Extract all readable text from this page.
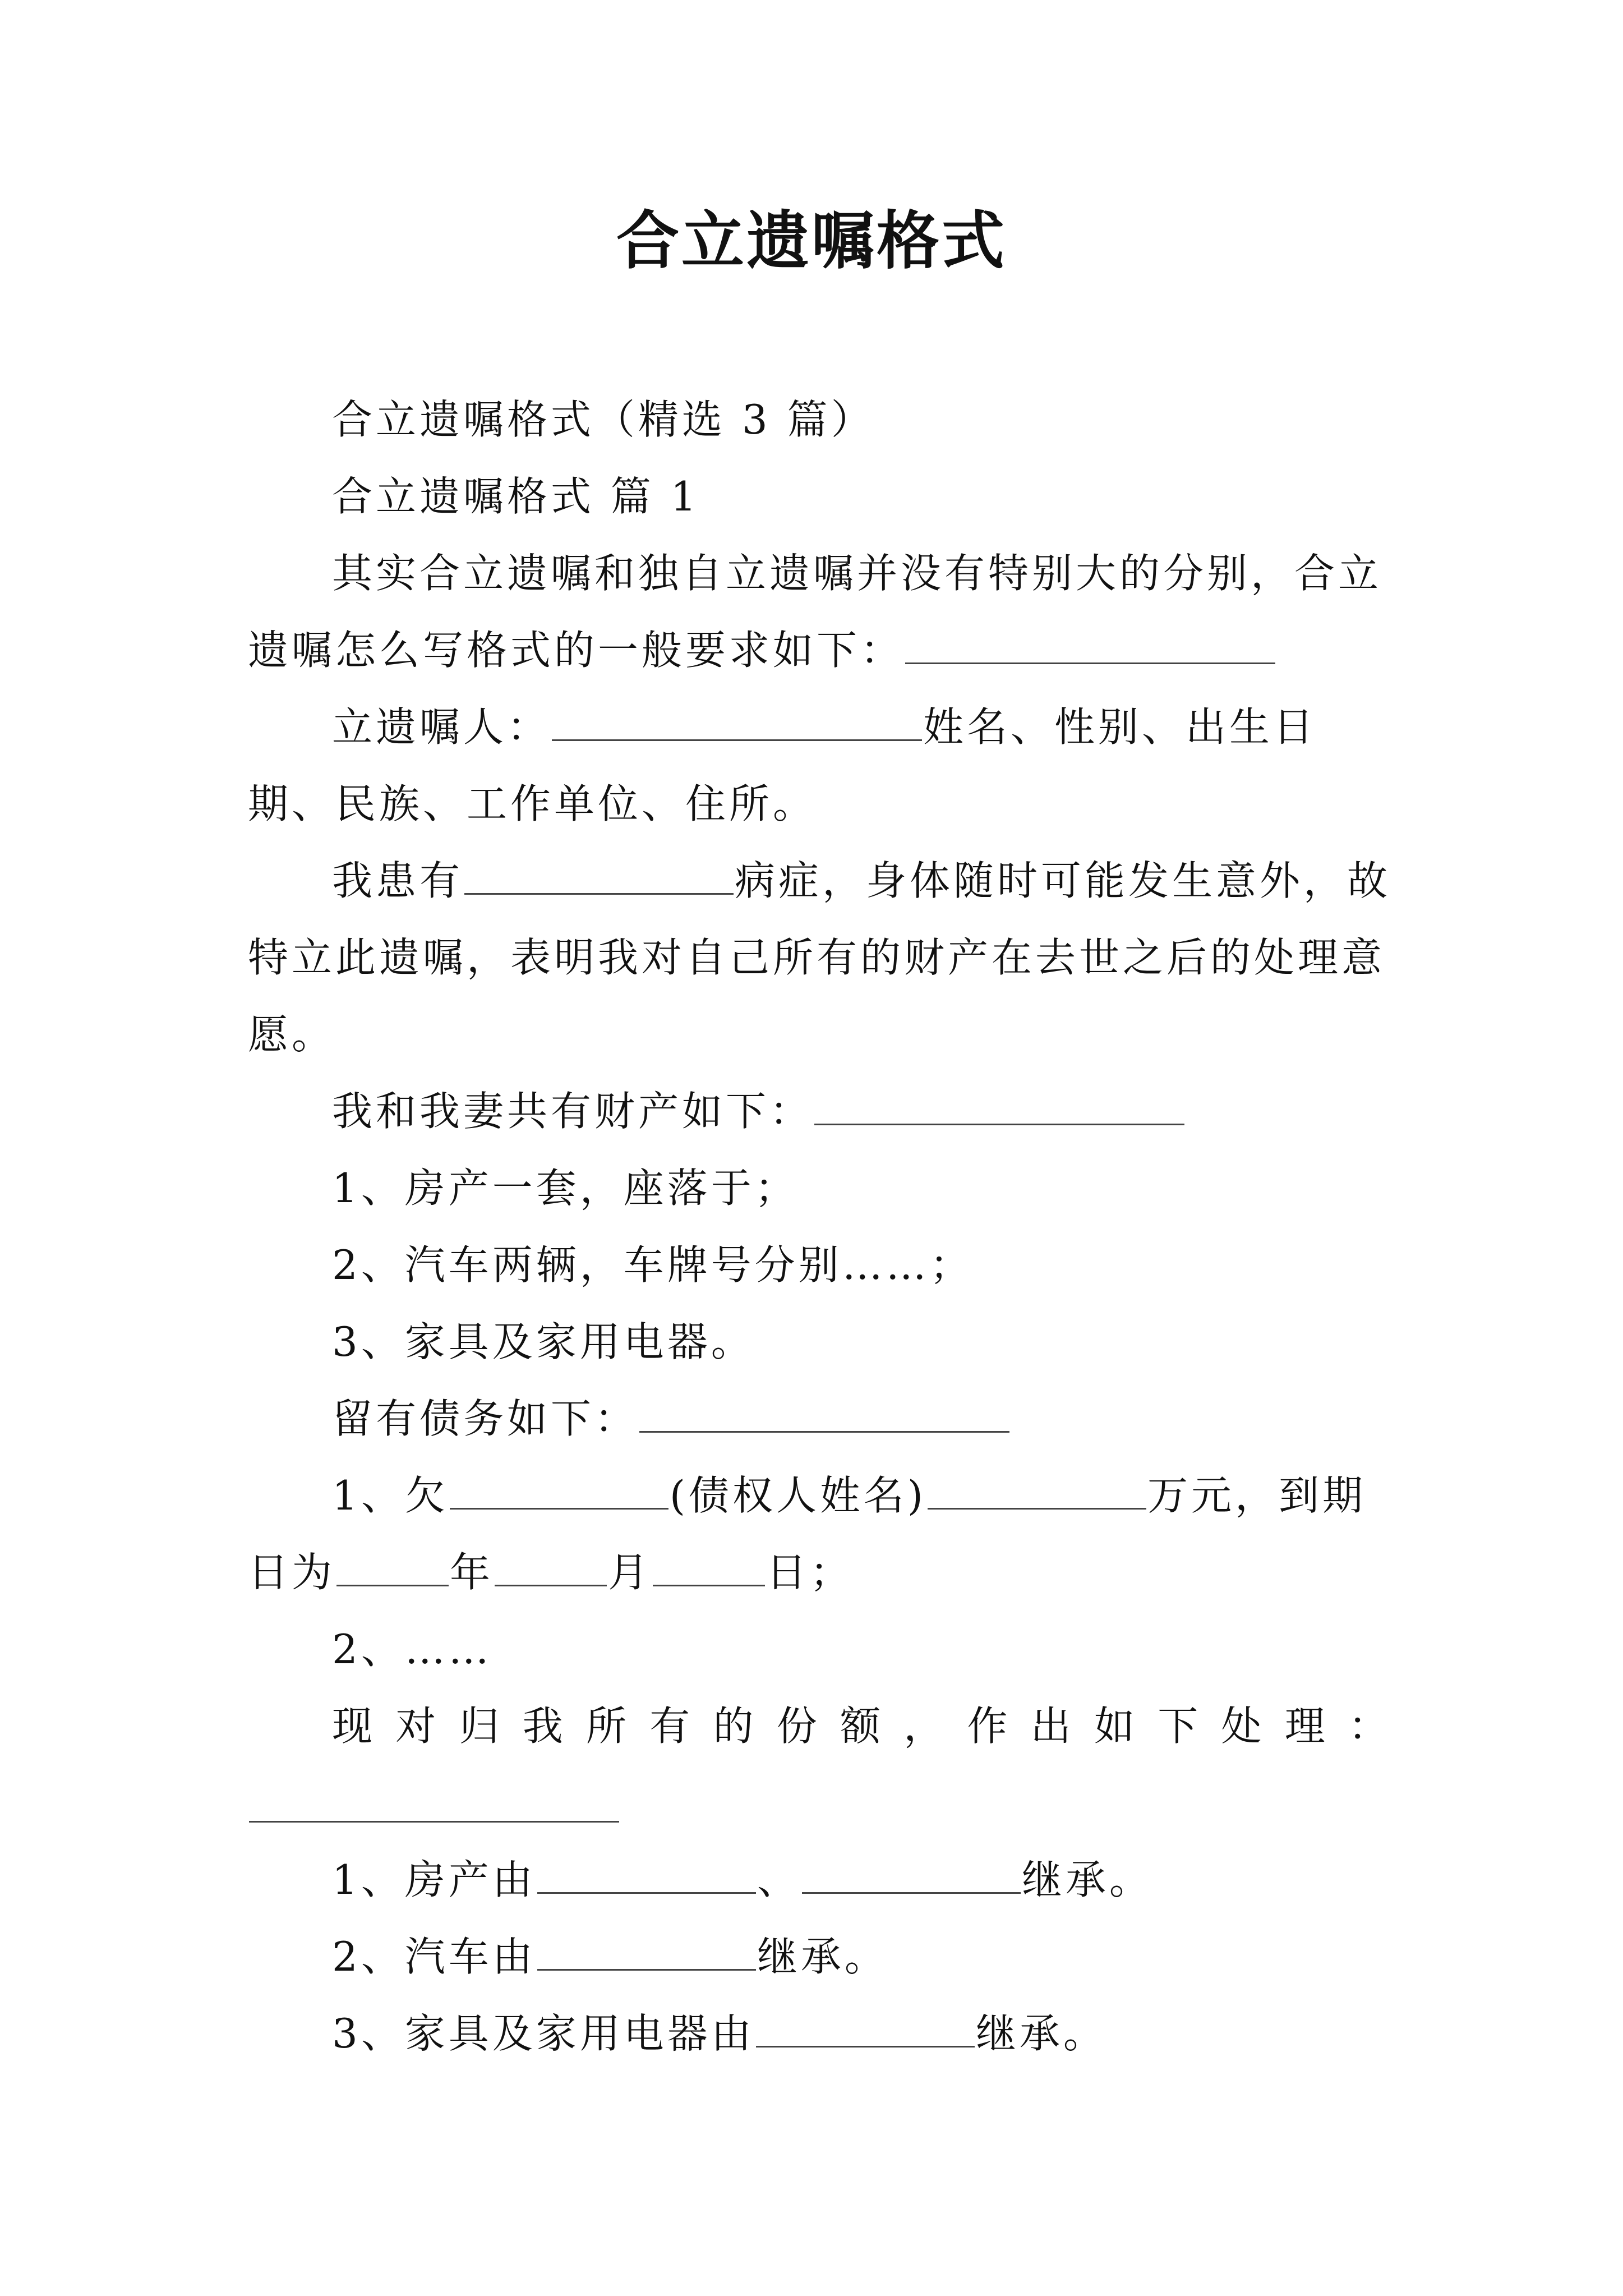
合立遗嘱格式

合立遗嘱格式（精选 3 篇）

合立遗嘱格式 篇 1

其实合立遗嘱和独自立遗嘱并没有特别大的分别，合立遗嘱怎么写格式的一般要求如下：

立遗嘱人：	姓名、性别、出生日期、民族、工作单位、住所。

我患有	病症，身体随时可能发生意外，故特立此遗嘱，表明我对自己所有的财产在去世之后的处理意愿。

我和我妻共有财产如下：

1、房产一套，座落于；

2、汽车两辆，车牌号分别……；

3、家具及家用电器。

留有债务如下：

1、欠	(债权人姓名)	万元，到期日为	年	月	日；

2、……

现对归我所有的份额，作出如下处理：

1、房产由	、	继承。

2、汽车由	继承。

3、家具及家用电器由	继承。
